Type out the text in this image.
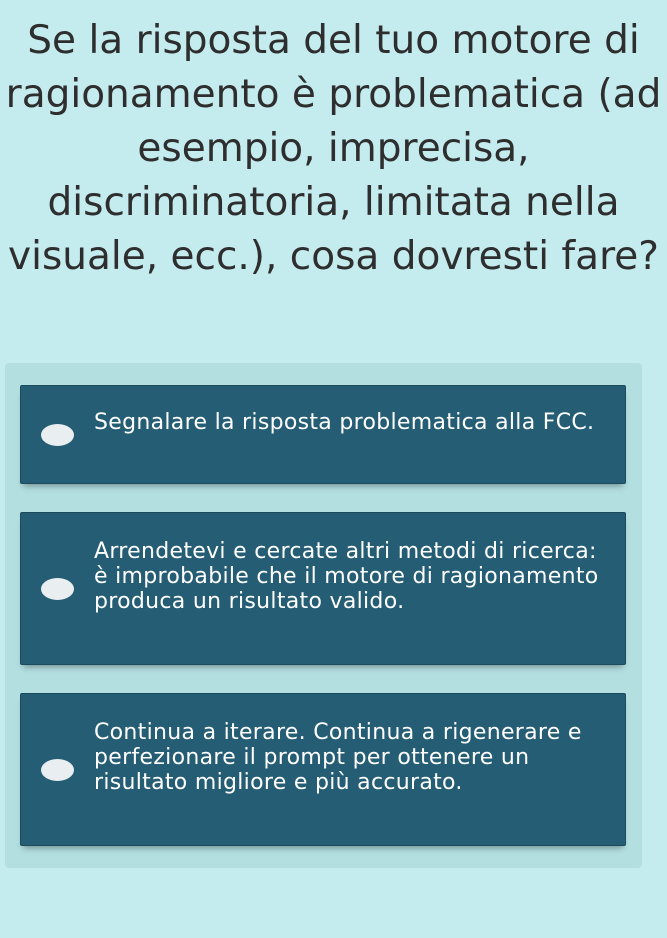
Se la risposta del tuo motore di ragionamento è problematica (ad esempio, imprecisa, discriminatoria, limitata nella visuale, ecc.), cosa dovresti fare?
Segnalare la risposta problematica alla FCC.
Arrendetevi e cercate altri metodi di ricerca: è improbabile che il motore di ragionamento produca un risultato valido.
Continua a iterare. Continua a rigenerare e perfezionare il prompt per ottenere un risultato migliore e più accurato.
